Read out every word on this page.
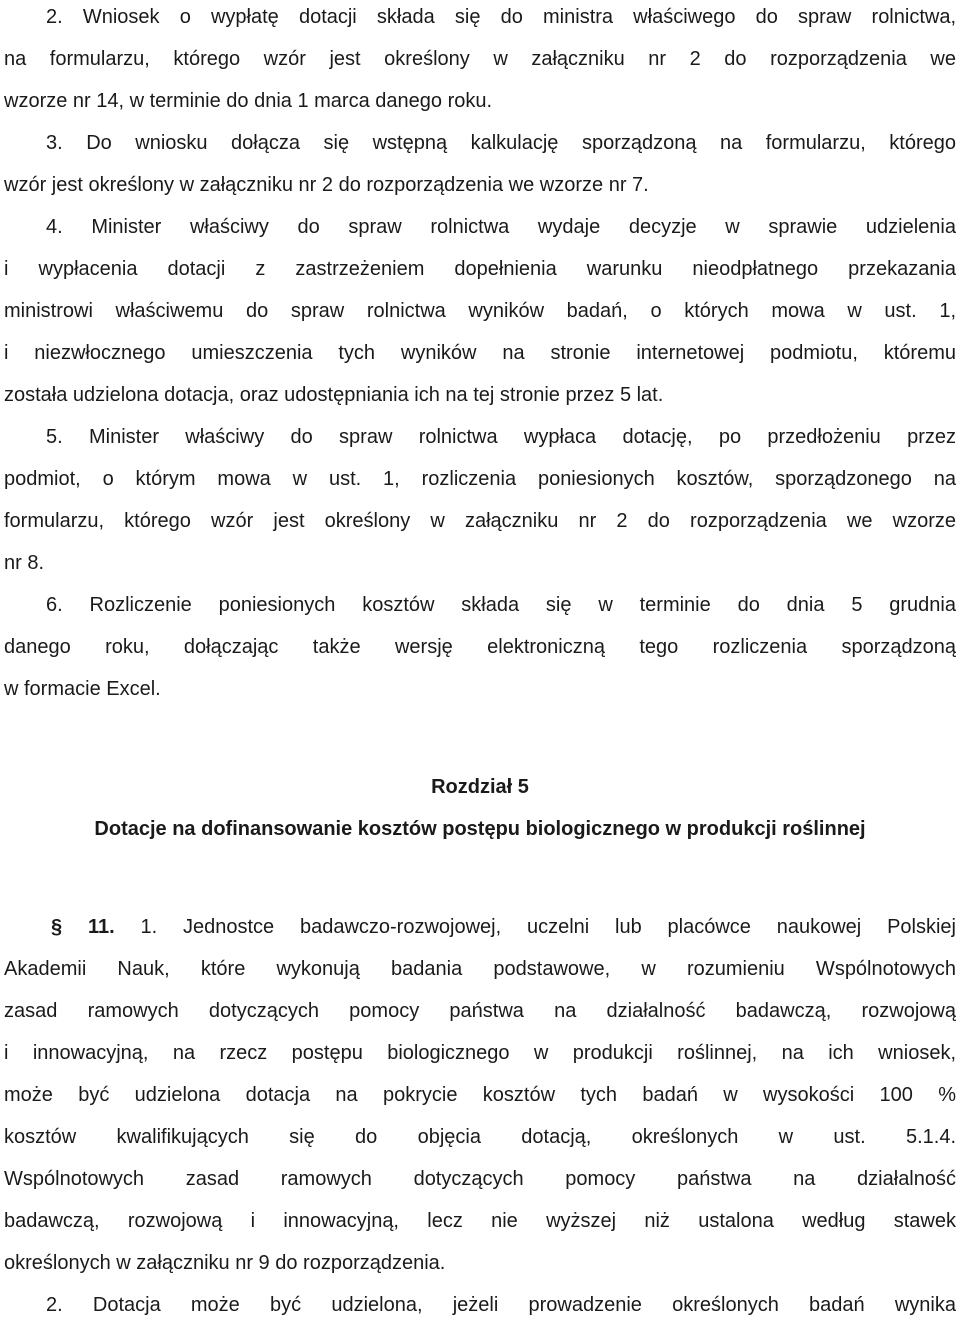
2. Wniosek o wypłatę dotacji składa się do ministra właściwego do spraw rolnictwa,
na formularzu, którego wzór jest określony w załączniku nr 2 do rozporządzenia we
wzorze nr 14, w terminie do dnia 1 marca danego roku.
3. Do wniosku dołącza się wstępną kalkulację sporządzoną na formularzu, którego
wzór jest określony w załączniku nr 2 do rozporządzenia we wzorze nr 7.
4. Minister właściwy do spraw rolnictwa wydaje decyzje w sprawie udzielenia
i wypłacenia dotacji z zastrzeżeniem dopełnienia warunku nieodpłatnego przekazania
ministrowi właściwemu do spraw rolnictwa wyników badań, o których mowa w ust. 1,
i niezwłocznego umieszczenia tych wyników na stronie internetowej podmiotu, któremu
została udzielona dotacja, oraz udostępniania ich na tej stronie przez 5 lat.
5. Minister właściwy do spraw rolnictwa wypłaca dotację, po przedłożeniu przez
podmiot, o którym mowa w ust. 1, rozliczenia poniesionych kosztów, sporządzonego na
formularzu, którego wzór jest określony w załączniku nr 2 do rozporządzenia we wzorze
nr 8.
6. Rozliczenie poniesionych kosztów składa się w terminie do dnia 5 grudnia
danego roku, dołączając także wersję elektroniczną tego rozliczenia sporządzoną
w formacie Excel.
Rozdział 5
Dotacje na dofinansowanie kosztów postępu biologicznego w produkcji roślinnej
§ 11. 1. Jednostce badawczo-rozwojowej, uczelni lub placówce naukowej Polskiej
Akademii Nauk, które wykonują badania podstawowe, w rozumieniu Wspólnotowych
zasad ramowych dotyczących pomocy państwa na działalność badawczą, rozwojową
i innowacyjną, na rzecz postępu biologicznego w produkcji roślinnej, na ich wniosek,
może być udzielona dotacja na pokrycie kosztów tych badań w wysokości 100 %
kosztów kwalifikujących się do objęcia dotacją, określonych w ust. 5.1.4.
Wspólnotowych zasad ramowych dotyczących pomocy państwa na działalność
badawczą, rozwojową i innowacyjną, lecz nie wyższej niż ustalona według stawek
określonych w załączniku nr 9 do rozporządzenia.
2. Dotacja może być udzielona, jeżeli prowadzenie określonych badań wynika
